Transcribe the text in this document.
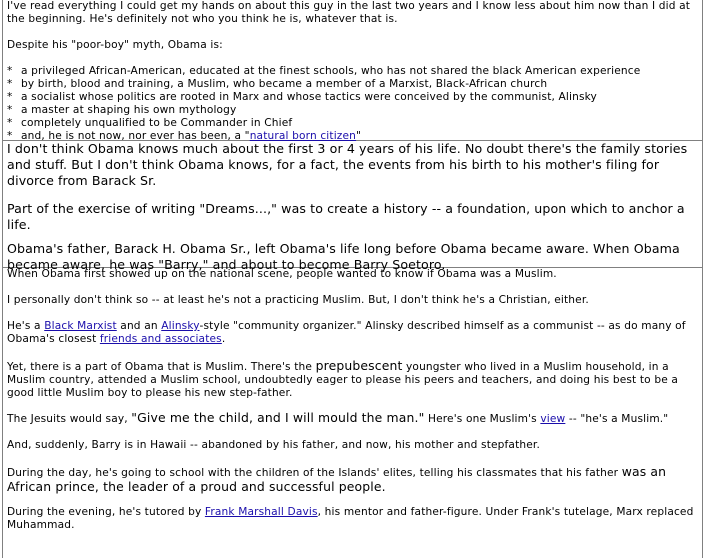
I've read everything I could get my hands on about this guy in the last two years and I know less about him now than I did at the beginning. He's definitely not who you think he is, whatever that is.

Despite his "poor-boy" myth, Obama is:

* a privileged African-American, educated at the finest schools, who has not shared the black American experience
* by birth, blood and training, a Muslim, who became a member of a Marxist, Black-African church
* a socialist whose politics are rooted in Marx and whose tactics were conceived by the communist, Alinsky
* a master at shaping his own mythology
* completely unqualified to be Commander in Chief
* and, he is not now, nor ever has been, a "natural born citizen"

I don't think Obama knows much about the first 3 or 4 years of his life. No doubt there's the family stories and stuff. But I don't think Obama knows, for a fact, the events from his birth to his mother's filing for divorce from Barack Sr.

Part of the exercise of writing "Dreams...," was to create a history -- a foundation, upon which to anchor a life.

Obama's father, Barack H. Obama Sr., left Obama's life long before Obama became aware. When Obama became aware, he was "Barry," and about to become Barry Soetoro.

When Obama first showed up on the national scene, people wanted to know if Obama was a Muslim.

I personally don't think so -- at least he's not a practicing Muslim. But, I don't think he's a Christian, either.

He's a Black Marxist and an Alinsky-style "community organizer." Alinsky described himself as a communist -- as do many of Obama's closest friends and associates.

Yet, there is a part of Obama that is Muslim. There's the prepubescent youngster who lived in a Muslim household, in a Muslim country, attended a Muslim school, undoubtedly eager to please his peers and teachers, and doing his best to be a good little Muslim boy to please his new step-father.

The Jesuits would say, "Give me the child, and I will mould the man." Here's one Muslim's view -- "he's a Muslim."

And, suddenly, Barry is in Hawaii -- abandoned by his father, and now, his mother and stepfather.

During the day, he's going to school with the children of the Islands' elites, telling his classmates that his father was an African prince, the leader of a proud and successful people.

During the evening, he's tutored by Frank Marshall Davis, his mentor and father-figure. Under Frank's tutelage, Marx replaced Muhammad.
